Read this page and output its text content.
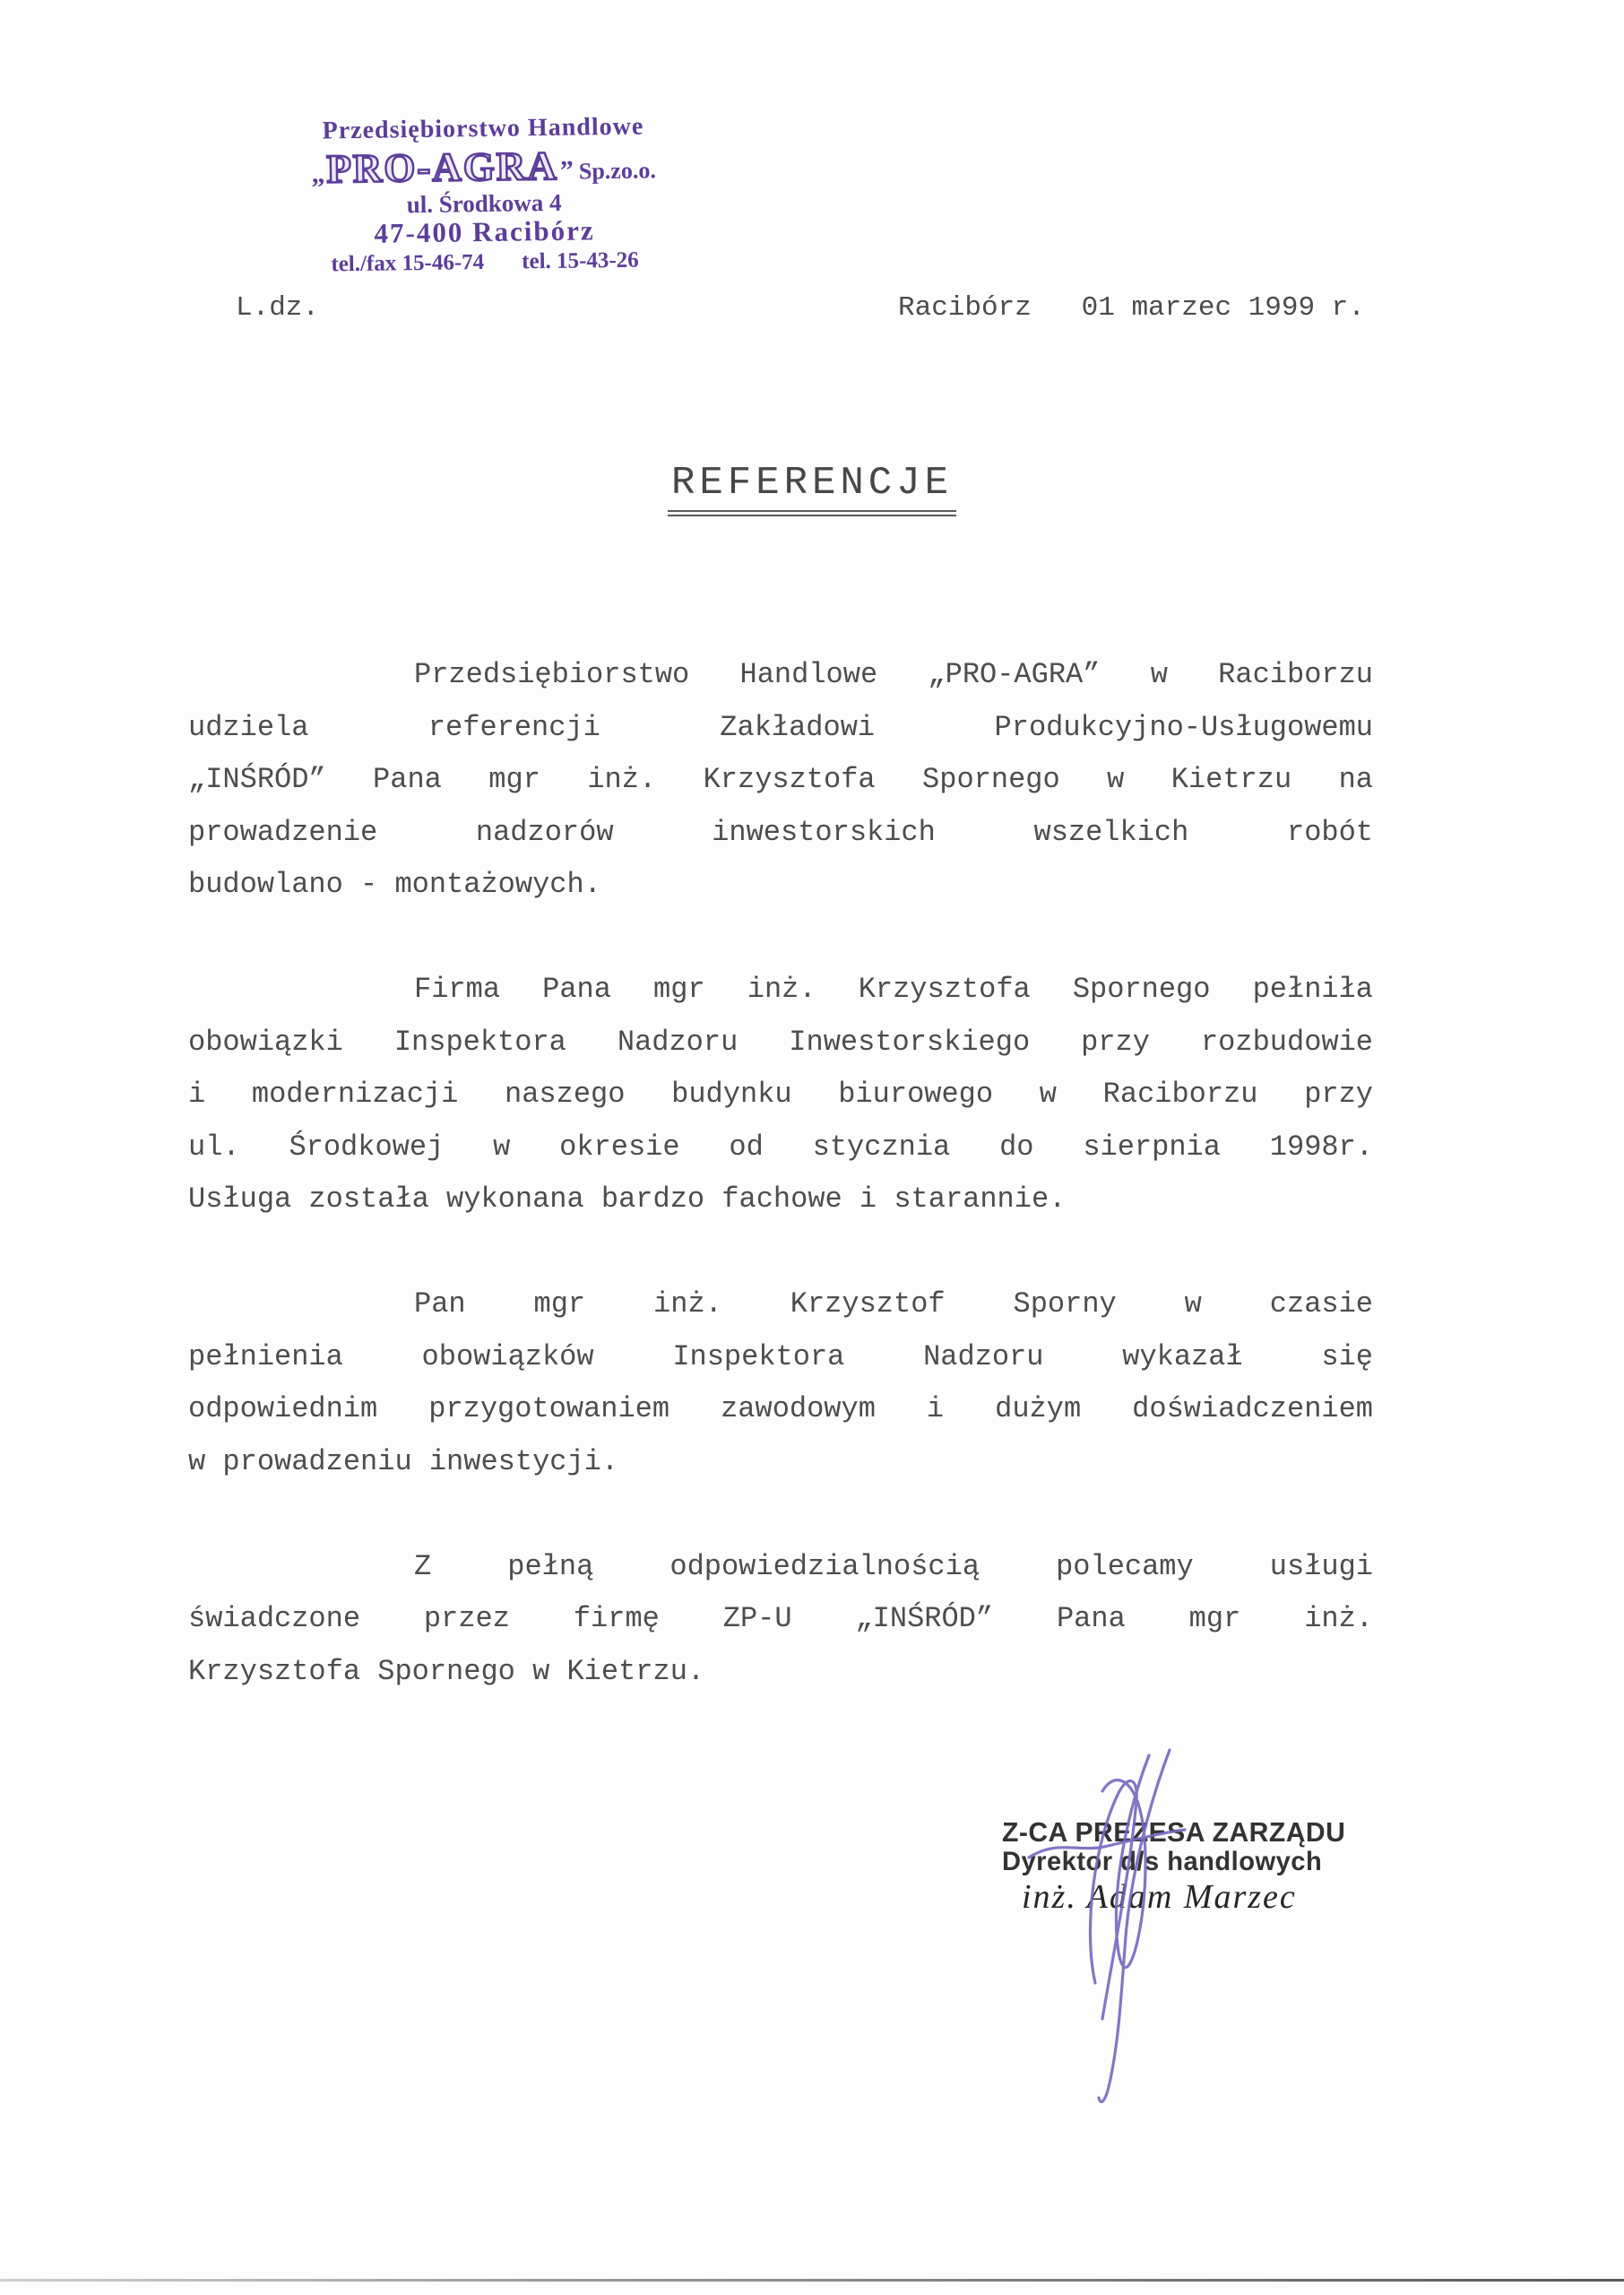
Przedsiębiorstwo Handlowe
„ PRO-AGRA ” Sp.zo.o.
ul. Środkowa 4
47-400 Racibórz
tel./fax 15-46-74 tel. 15-43-26
L.dz.	Racibórz   01 marzec 1999 r.
REFERENCJE
Przedsiębiorstwo Handlowe „PRO-AGRA” w Raciborzu
udziela referencji Zakładowi Produkcyjno-Usługowemu
„INŚRÓD” Pana mgr inż. Krzysztofa Spornego w Kietrzu na
prowadzenie nadzorów inwestorskich wszelkich robót
budowlano - montażowych.
Firma Pana mgr inż. Krzysztofa Spornego pełniła
obowiązki Inspektora Nadzoru Inwestorskiego przy rozbudowie
i modernizacji naszego budynku biurowego w Raciborzu przy
ul. Środkowej w okresie od stycznia do sierpnia 1998r.
Usługa została wykonana bardzo fachowe i starannie.
Pan mgr inż. Krzysztof Sporny w czasie
pełnienia obowiązków Inspektora Nadzoru wykazał się
odpowiednim przygotowaniem zawodowym i dużym doświadczeniem
w prowadzeniu inwestycji.
Z pełną odpowiedzialnością polecamy usługi
świadczone przez firmę ZP-U „INŚRÓD” Pana mgr inż.
Krzysztofa Spornego w Kietrzu.
Z-CA PREZESA ZARZĄDU
Dyrektor d/s handlowych
inż. Adam Marzec
